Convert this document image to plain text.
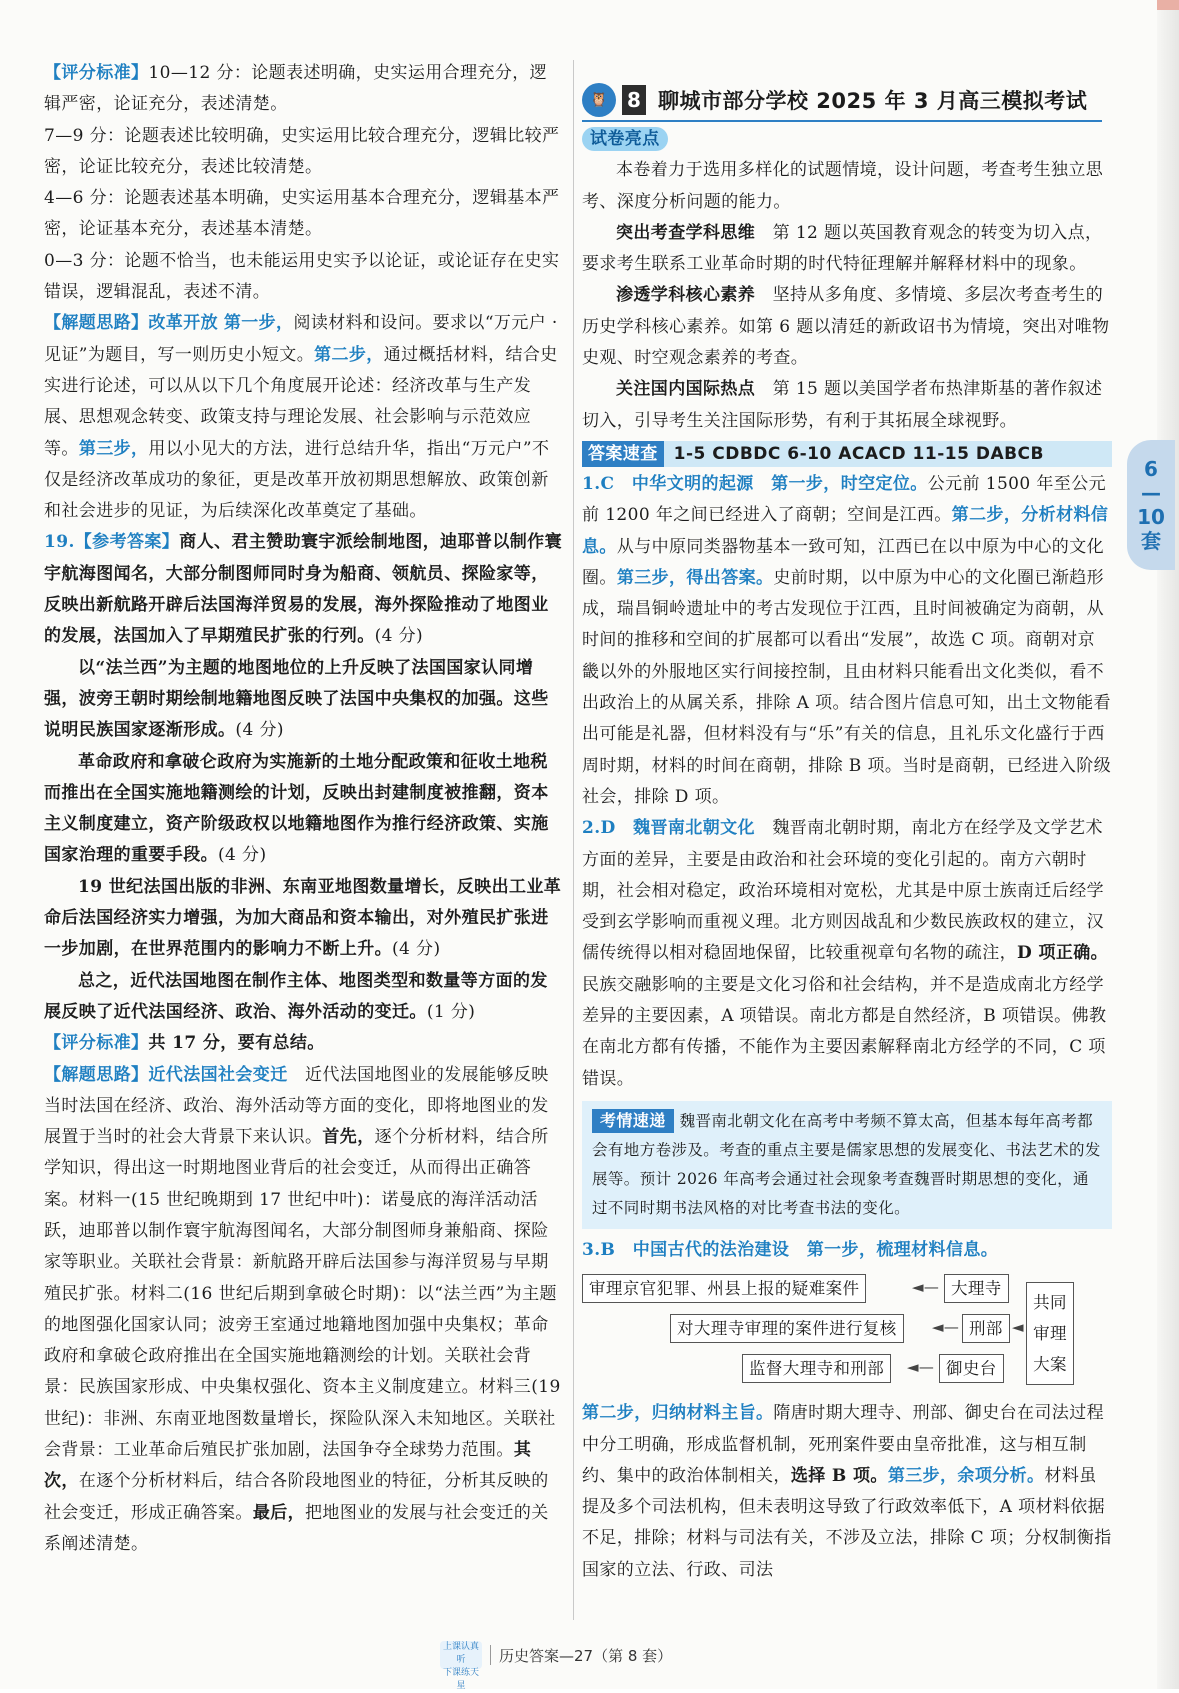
【评分标准】10—12 分：论题表述明确，史实运用合理充分，逻辑严密，论证充分，表述清楚。

7—9 分：论题表述比较明确，史实运用比较合理充分，逻辑比较严密，论证比较充分，表述比较清楚。

4—6 分：论题表述基本明确，史实运用基本合理充分，逻辑基本严密，论证基本充分，表述基本清楚。

0—3 分：论题不恰当，也未能运用史实予以论证，或论证存在史实错误，逻辑混乱，表述不清。

【解题思路】改革开放 第一步，阅读材料和设问。要求以“万元户 · 见证”为题目，写一则历史小短文。第二步，通过概括材料，结合史实进行论述，可以从以下几个角度展开论述：经济改革与生产发展、思想观念转变、政策支持与理论发展、社会影响与示范效应等。第三步，用以小见大的方法，进行总结升华，指出“万元户”不仅是经济改革成功的象征，更是改革开放初期思想解放、政策创新和社会进步的见证，为后续深化改革奠定了基础。

19.【参考答案】商人、君主赞助寰宇派绘制地图，迪耶普以制作寰宇航海图闻名，大部分制图师同时身为船商、领航员、探险家等，反映出新航路开辟后法国海洋贸易的发展，海外探险推动了地图业的发展，法国加入了早期殖民扩张的行列。(4 分)

以“法兰西”为主题的地图地位的上升反映了法国国家认同增强，波旁王朝时期绘制地籍地图反映了法国中央集权的加强。这些说明民族国家逐渐形成。(4 分)

革命政府和拿破仑政府为实施新的土地分配政策和征收土地税而推出在全国实施地籍测绘的计划，反映出封建制度被推翻，资本主义制度建立，资产阶级政权以地籍地图作为推行经济政策、实施国家治理的重要手段。(4 分)

19 世纪法国出版的非洲、东南亚地图数量增长，反映出工业革命后法国经济实力增强，为加大商品和资本输出，对外殖民扩张进一步加剧，在世界范围内的影响力不断上升。(4 分)

总之，近代法国地图在制作主体、地图类型和数量等方面的发展反映了近代法国经济、政治、海外活动的变迁。(1 分)

【评分标准】共 17 分，要有总结。

【解题思路】近代法国社会变迁　 近代法国地图业的发展能够反映当时法国在经济、政治、海外活动等方面的变化，即将地图业的发展置于当时的社会大背景下来认识。首先，逐个分析材料，结合所学知识，得出这一时期地图业背后的社会变迁，从而得出正确答案。材料一(15 世纪晚期到 17 世纪中叶)：诺曼底的海洋活动活跃，迪耶普以制作寰宇航海图闻名，大部分制图师身兼船商、探险家等职业。关联社会背景：新航路开辟后法国参与海洋贸易与早期殖民扩张。材料二(16 世纪后期到拿破仑时期)：以“法兰西”为主题的地图强化国家认同；波旁王室通过地籍地图加强中央集权；革命政府和拿破仑政府推出在全国实施地籍测绘的计划。关联社会背景：民族国家形成、中央集权强化、资本主义制度建立。材料三(19 世纪)：非洲、东南亚地图数量增长，探险队深入未知地区。关联社会背景：工业革命后殖民扩张加剧，法国争夺全球势力范围。其次，在逐个分析材料后，结合各阶段地图业的特征，分析其反映的社会变迁，形成正确答案。最后，把地图业的发展与社会变迁的关系阐述清楚。

🦉 8 聊城市部分学校 2025 年 3 月高三模拟考试

试卷亮点

本卷着力于选用多样化的试题情境，设计问题，考查考生独立思考、深度分析问题的能力。

突出考查学科思维　 第 12 题以英国教育观念的转变为切入点，要求考生联系工业革命时期的时代特征理解并解释材料中的现象。

渗透学科核心素养　 坚持从多角度、多情境、多层次考查考生的历史学科核心素养。如第 6 题以清廷的新政诏书为情境，突出对唯物史观、时空观念素养的考查。

关注国内国际热点　 第 15 题以美国学者布热津斯基的著作叙述切入，引导考生关注国际形势，有利于其拓展全球视野。

答案速查 1-5 CDBDC 6-10 ACACD 11-15 DABCB

1.C　 中华文明的起源　 第一步，时空定位。公元前 1500 年至公元前 1200 年之间已经进入了商朝；空间是江西。第二步，分析材料信息。从与中原同类器物基本一致可知，江西已在以中原为中心的文化圈。第三步，得出答案。史前时期，以中原为中心的文化圈已渐趋形成，瑞昌铜岭遗址中的考古发现位于江西，且时间被确定为商朝，从时间的推移和空间的扩展都可以看出“发展”，故选 C 项。商朝对京畿以外的外服地区实行间接控制，且由材料只能看出文化类似，看不出政治上的从属关系，排除 A 项。结合图片信息可知，出土文物能看出可能是礼器，但材料没有与“乐”有关的信息，且礼乐文化盛行于西周时期，材料的时间在商朝，排除 B 项。当时是商朝，已经进入阶级社会，排除 D 项。

2.D　 魏晋南北朝文化　 魏晋南北朝时期，南北方在经学及文学艺术方面的差异，主要是由政治和社会环境的变化引起的。南方六朝时期，社会相对稳定，政治环境相对宽松，尤其是中原士族南迁后经学受到玄学影响而重视义理。北方则因战乱和少数民族政权的建立，汉儒传统得以相对稳固地保留，比较重视章句名物的疏注，D 项正确。民族交融影响的主要是文化习俗和社会结构，并不是造成南北方经学差异的主要因素，A 项错误。南北方都是自然经济，B 项错误。佛教在南北方都有传播，不能作为主要因素解释南北方经学的不同，C 项错误。

考情速递 魏晋南北朝文化在高考中考频不算太高，但基本每年高考都会有地方卷涉及。考查的重点主要是儒家思想的发展变化、书法艺术的发展等。预计 2026 年高考会通过社会现象考查魏晋时期思想的变化，通过不同时期书法风格的对比考查书法的变化。

3.B　 中国古代的法治建设　 第一步，梳理材料信息。

审理京官犯罪、州县上报的疑难案件	◄— 大理寺
对大理寺审理的案件进行复核	◄— 刑部
监督大理寺和刑部	◄— 御史台
◄
共同审理大案

第二步，归纳材料主旨。隋唐时期大理寺、刑部、御史台在司法过程中分工明确，形成监督机制，死刑案件要由皇帝批准，这与相互制约、集中的政治体制相关，选择 B 项。第三步，余项分析。材料虽提及多个司法机构，但未表明这导致了行政效率低下，A 项材料依据不足，排除；材料与司法有关，不涉及立法，排除 C 项；分权制衡指国家的立法、行政、司法

6
—
10
套
上课认真听
下课练天星
历史答案—27（第 8 套）
